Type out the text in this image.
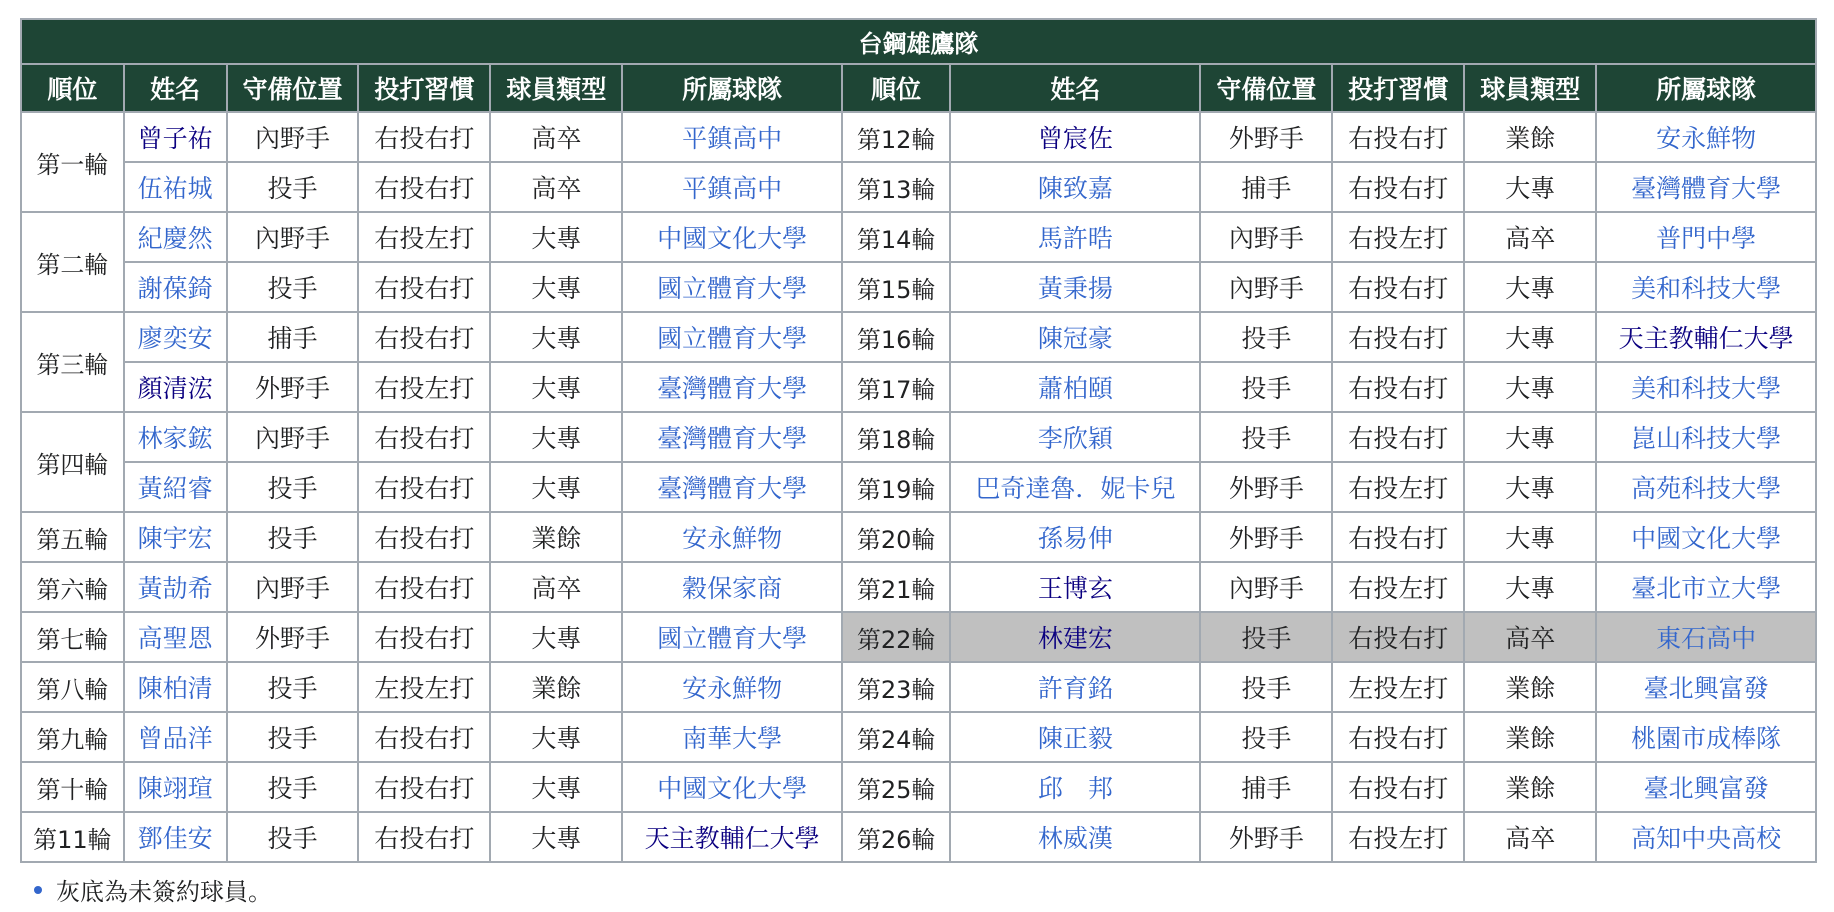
台鋼雄鷹隊											
順位	姓名	守備位置	投打習慣	球員類型	所屬球隊	順位	姓名	守備位置	投打習慣	球員類型	所屬球隊
第一輪	曾子祐	內野手	右投右打	高卒	平鎮高中	第12輪	曾宸佐	外野手	右投右打	業餘	安永鮮物
	伍祐城	投手	右投右打	高卒	平鎮高中	第13輪	陳致嘉	捕手	右投右打	大專	臺灣體育大學
第二輪	紀慶然	內野手	右投左打	大專	中國文化大學	第14輪	馬許晧	內野手	右投左打	高卒	普門中學
	謝葆錡	投手	右投右打	大專	國立體育大學	第15輪	黃秉揚	內野手	右投右打	大專	美和科技大學
第三輪	廖奕安	捕手	右投右打	大專	國立體育大學	第16輪	陳冠豪	投手	右投右打	大專	天主教輔仁大學
	顏清浤	外野手	右投左打	大專	臺灣體育大學	第17輪	蕭柏頤	投手	右投右打	大專	美和科技大學
第四輪	林家鋐	內野手	右投右打	大專	臺灣體育大學	第18輪	李欣穎	投手	右投右打	大專	崑山科技大學
	黃紹睿	投手	右投右打	大專	臺灣體育大學	第19輪	巴奇達魯．妮卡兒	外野手	右投左打	大專	高苑科技大學
第五輪	陳宇宏	投手	右投右打	業餘	安永鮮物	第20輪	孫易伸	外野手	右投右打	大專	中國文化大學
第六輪	黃劼希	內野手	右投右打	高卒	穀保家商	第21輪	王博玄	內野手	右投左打	大專	臺北市立大學
第七輪	高聖恩	外野手	右投右打	大專	國立體育大學	第22輪	林建宏	投手	右投右打	高卒	東石高中
第八輪	陳柏清	投手	左投左打	業餘	安永鮮物	第23輪	許育銘	投手	左投左打	業餘	臺北興富發
第九輪	曾品洋	投手	右投右打	大專	南華大學	第24輪	陳正毅	投手	右投右打	業餘	桃園市成棒隊
第十輪	陳翊瑄	投手	右投右打	大專	中國文化大學	第25輪	邱　邦	捕手	右投右打	業餘	臺北興富發
第11輪	鄧佳安	投手	右投右打	大專	天主教輔仁大學	第26輪	林威漢	外野手	右投左打	高卒	高知中央高校
灰底為未簽約球員。
